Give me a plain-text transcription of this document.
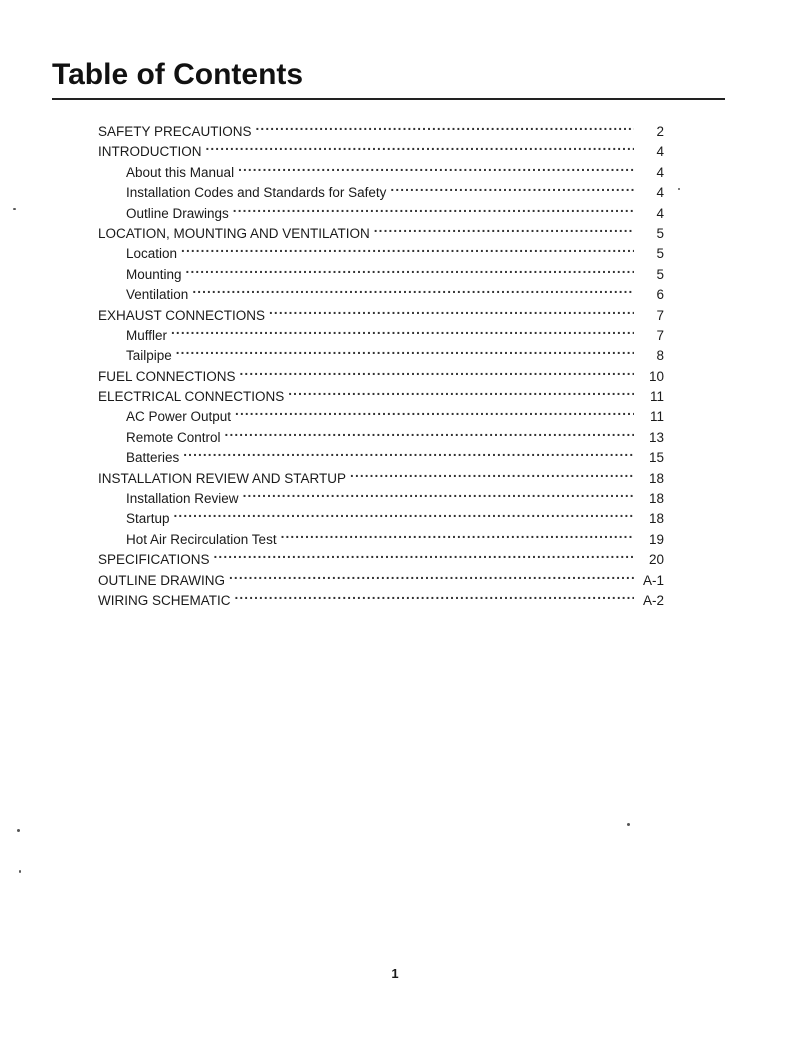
Table of Contents
SAFETY PRECAUTIONS . . .	2
INTRODUCTION . . .	4
About this Manual . . .	4
Installation Codes and Standards for Safety . . .	4
Outline Drawings . . .	4
LOCATION, MOUNTING AND VENTILATION . . .	5
Location . . .	5
Mounting . . .	5
Ventilation . . .	6
EXHAUST CONNECTIONS . . .	7
Muffler . . .	7
Tailpipe . . .	8
FUEL CONNECTIONS . . .	10
ELECTRICAL CONNECTIONS . . .	11
AC Power Output . . .	11
Remote Control . . .	13
Batteries . . .	15
INSTALLATION REVIEW AND STARTUP . . .	18
Installation Review . . .	18
Startup . . .	18
Hot Air Recirculation Test . . .	19
SPECIFICATIONS . . .	20
OUTLINE DRAWING . . .	A-1
WIRING SCHEMATIC . . .	A-2
1
